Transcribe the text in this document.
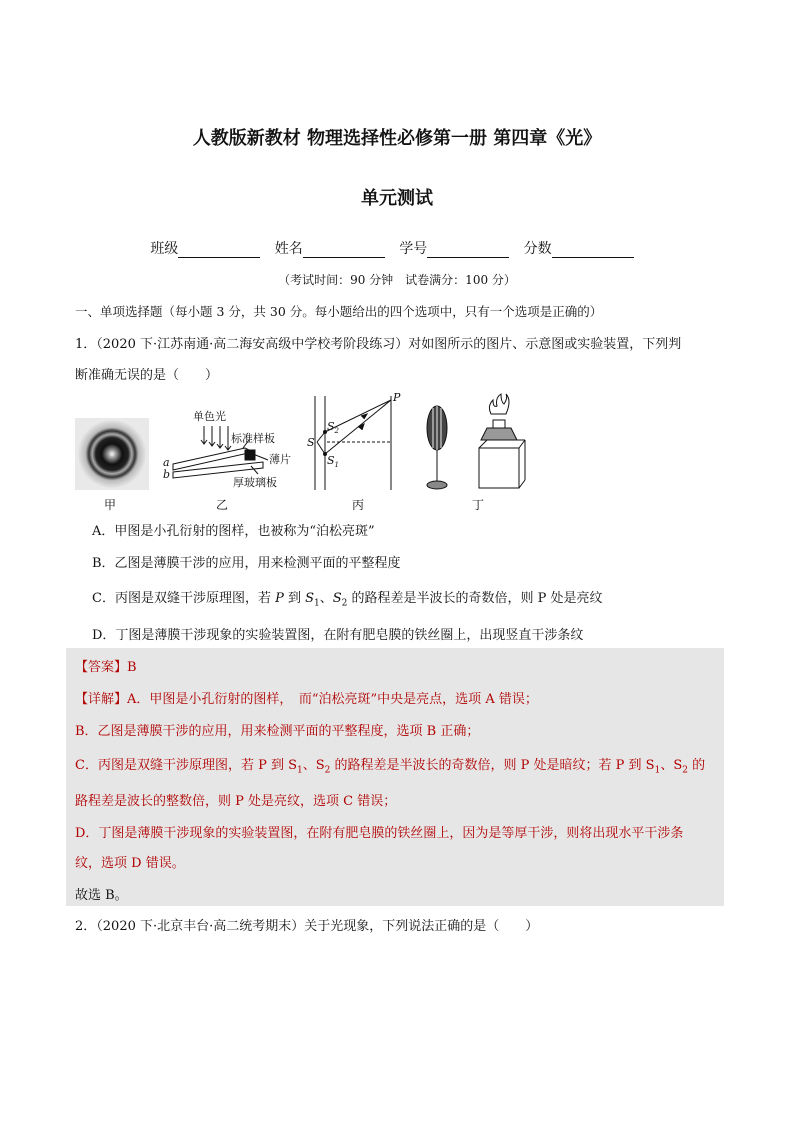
人教版新教材 物理选择性必修第一册 第四章《光》
单元测试
班级	姓名	学号	分数
（考试时间：90 分钟　试卷满分：100 分）
一、单项选择题（每小题 3 分，共 30 分。每小题给出的四个选项中，只有一个选项是正确的）
1．（2020 下·江苏南通·高二海安高级中学校考阶段练习）对如图所示的图片、示意图或实验装置，下列判
断准确无误的是（　　）
单色光
标准样板
薄片
厚玻璃板
a
b
P
S
$S_2$
$S_1$
甲	乙	丙	丁
A．甲图是小孔衍射的图样，也被称为“泊松亮斑”
B．乙图是薄膜干涉的应用，用来检测平面的平整程度
C．丙图是双缝干涉原理图，若 P 到 $S_1$、$S_2$ 的路程差是半波长的奇数倍，则 P 处是亮纹
D．丁图是薄膜干涉现象的实验装置图，在附有肥皂膜的铁丝圈上，出现竖直干涉条纹
【答案】B
【详解】A．甲图是小孔衍射的图样，　而“泊松亮斑”中央是亮点，选项 A 错误；
B．乙图是薄膜干涉的应用，用来检测平面的平整程度，选项 B 正确；
C．丙图是双缝干涉原理图，若 P 到 $S_1$、$S_2$ 的路程差是半波长的奇数倍，则 P 处是暗纹；若 P 到 $S_1$、$S_2$ 的
路程差是波长的整数倍，则 P 处是亮纹，选项 C 错误；
D．丁图是薄膜干涉现象的实验装置图，在附有肥皂膜的铁丝圈上，因为是等厚干涉，则将出现水平干涉条
纹，选项 D 错误。
故选 B。
2．（2020 下·北京丰台·高二统考期末）关于光现象，下列说法正确的是（　　）
